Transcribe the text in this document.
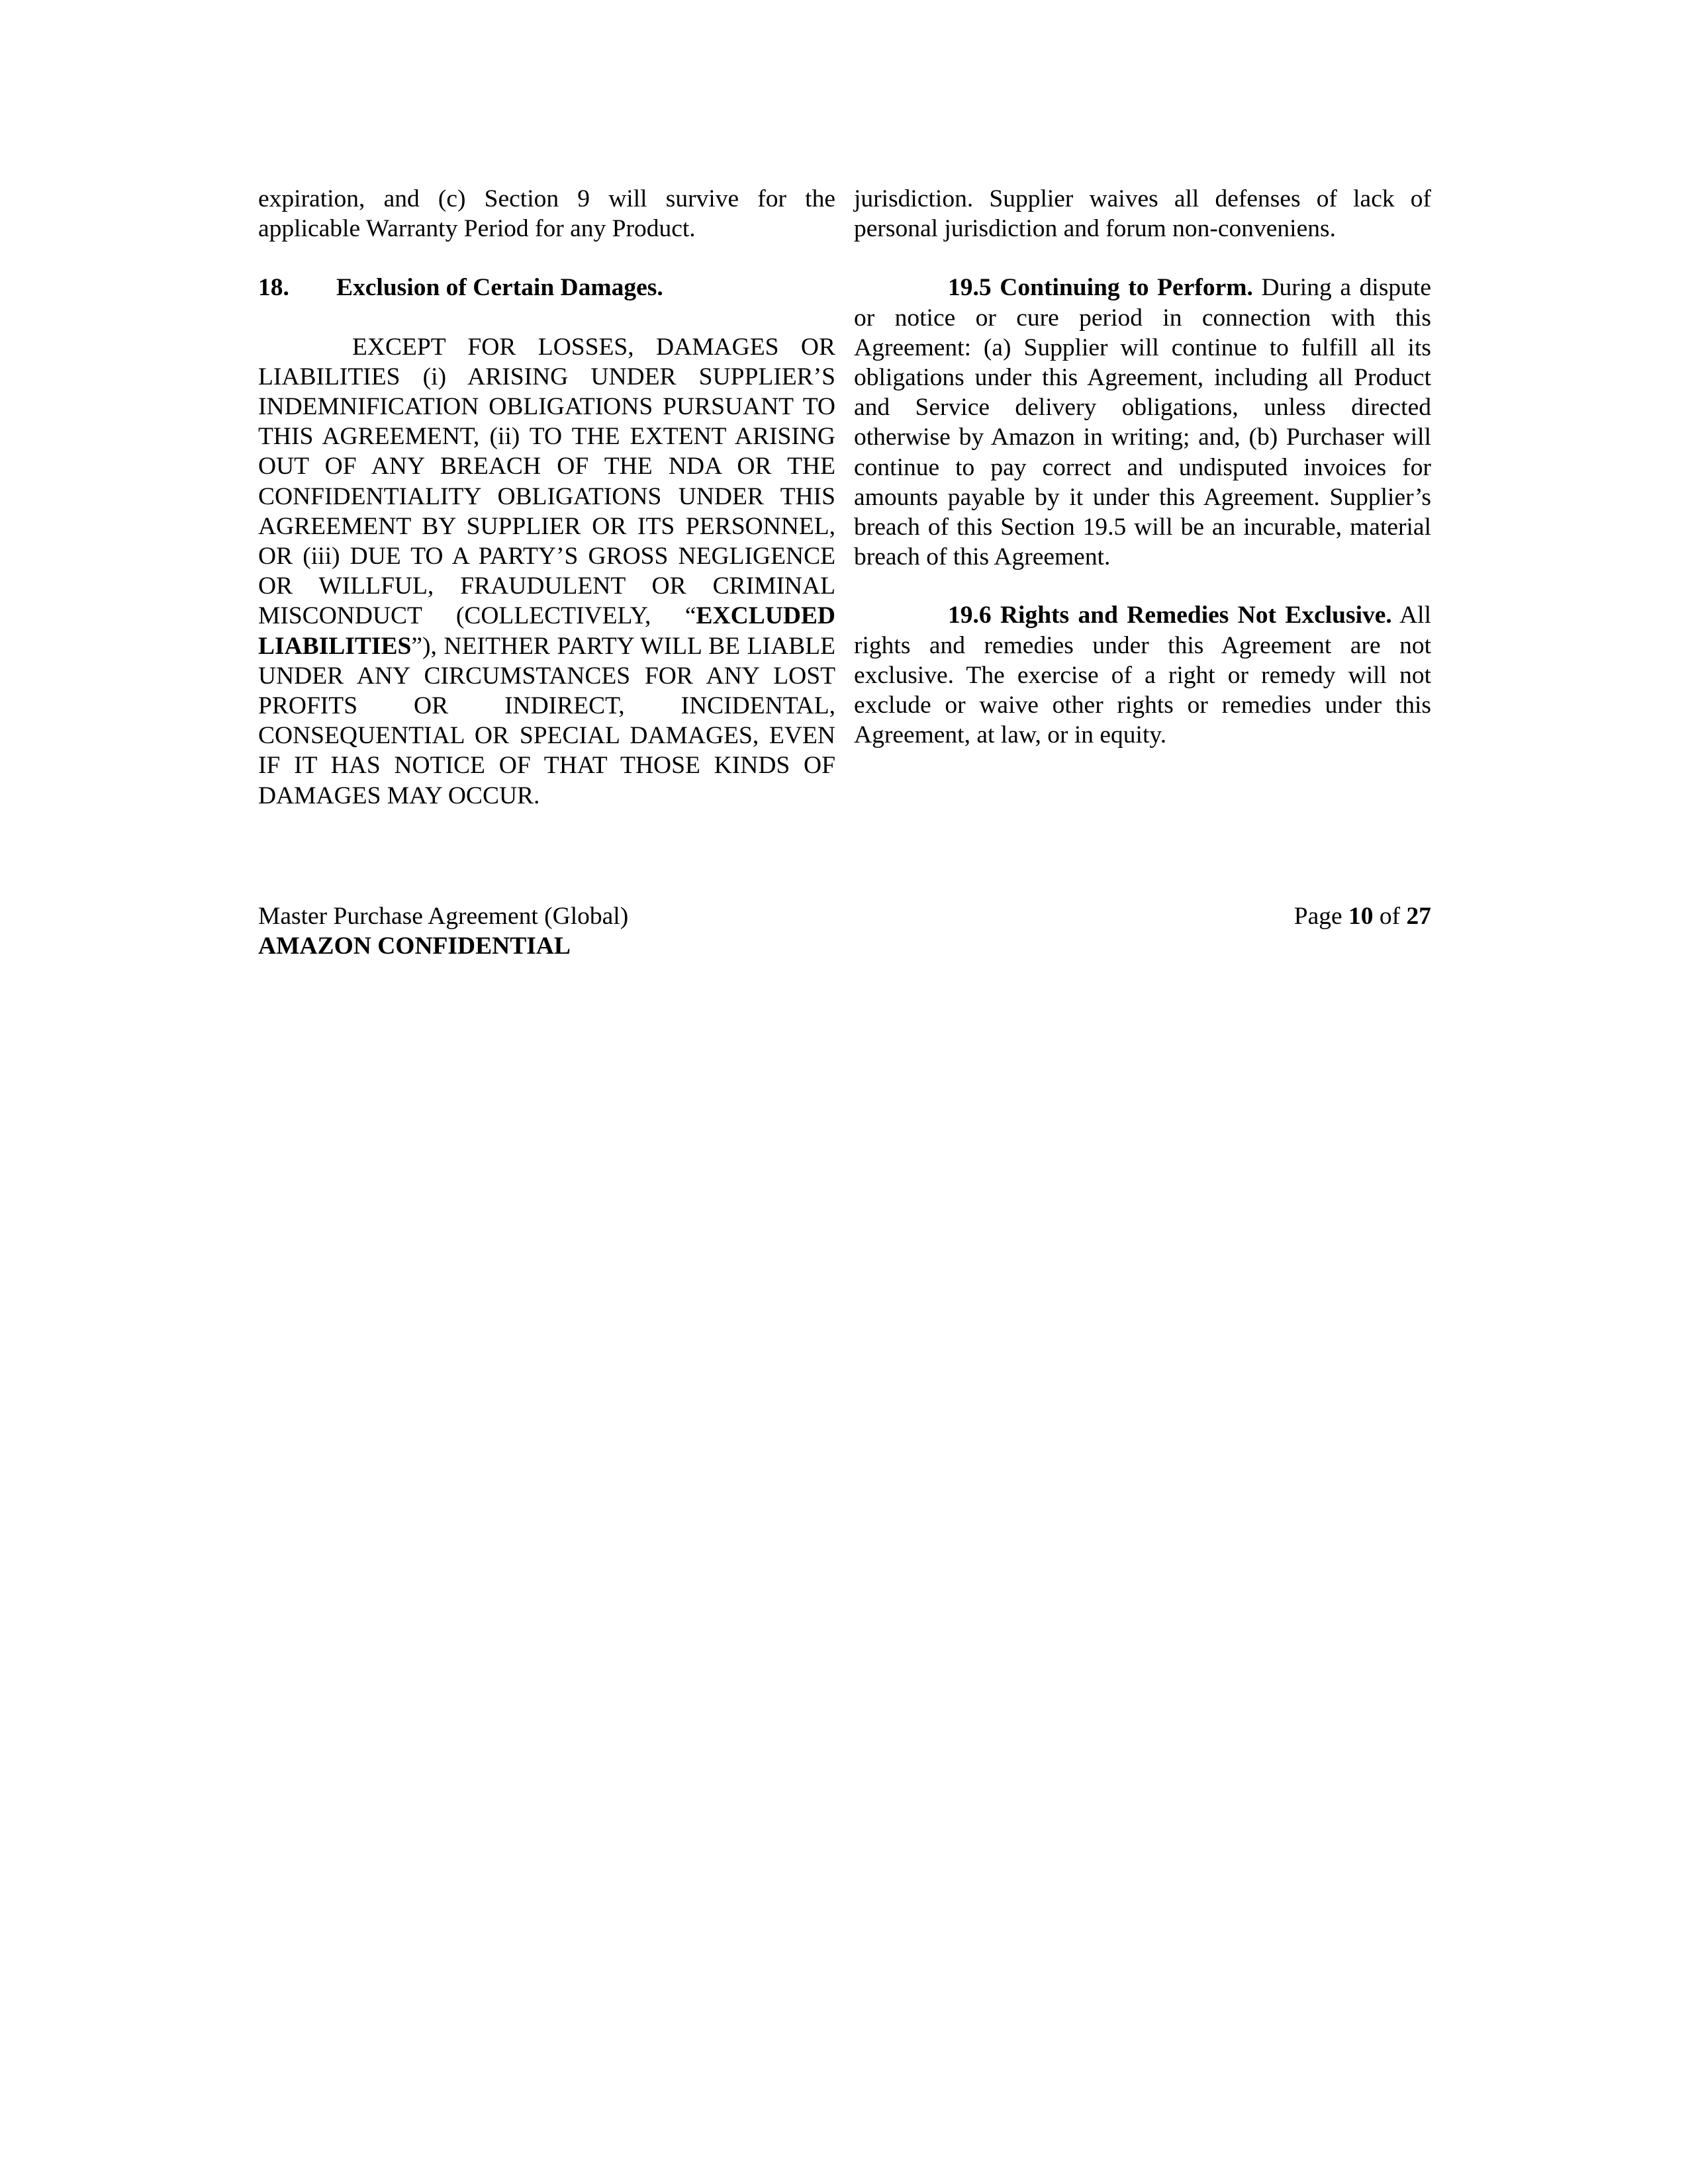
expiration, and (c) Section 9 will survive for the applicable Warranty Period for any Product.

18. Exclusion of Certain Damages.

EXCEPT FOR LOSSES, DAMAGES OR LIABILITIES (i) ARISING UNDER SUPPLIER’S INDEMNIFICATION OBLIGATIONS PURSUANT TO THIS AGREEMENT, (ii) TO THE EXTENT ARISING OUT OF ANY BREACH OF THE NDA OR THE CONFIDENTIALITY OBLIGATIONS UNDER THIS AGREEMENT BY SUPPLIER OR ITS PERSONNEL, OR (iii) DUE TO A PARTY’S GROSS NEGLIGENCE OR WILLFUL, FRAUDULENT OR CRIMINAL MISCONDUCT (COLLECTIVELY, “EXCLUDED LIABILITIES”), NEITHER PARTY WILL BE LIABLE UNDER ANY CIRCUMSTANCES FOR ANY LOST PROFITS OR INDIRECT, INCIDENTAL, CONSEQUENTIAL OR SPECIAL DAMAGES, EVEN IF IT HAS NOTICE OF THAT THOSE KINDS OF DAMAGES MAY OCCUR.

jurisdiction. Supplier waives all defenses of lack of personal jurisdiction and forum non-conveniens.

19.5 Continuing to Perform. During a dispute or notice or cure period in connection with this Agreement: (a) Supplier will continue to fulfill all its obligations under this Agreement, including all Product and Service delivery obligations, unless directed otherwise by Amazon in writing; and, (b) Purchaser will continue to pay correct and undisputed invoices for amounts payable by it under this Agreement. Supplier’s breach of this Section 19.5 will be an incurable, material breach of this Agreement.

19.6 Rights and Remedies Not Exclusive. All rights and remedies under this Agreement are not exclusive. The exercise of a right or remedy will not exclude or waive other rights or remedies under this Agreement, at law, or in equity.

Master Purchase Agreement (Global)
AMAZON CONFIDENTIAL
Page 10 of 27
